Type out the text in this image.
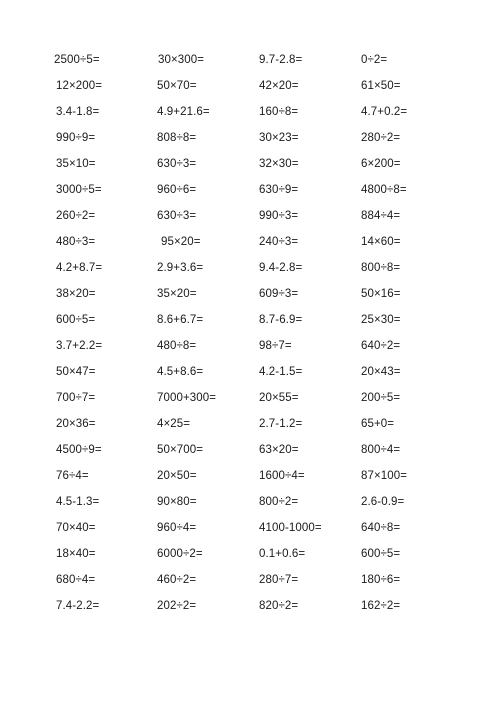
2500÷5=	30×300=	9.7-2.8=	0÷2=
12×200=	50×70=	42×20=	61×50=
3.4-1.8=	4.9+21.6=	160÷8=	4.7+0.2=
990÷9=	808÷8=	30×23=	280÷2=
35×10=	630÷3=	32×30=	6×200=
3000÷5=	960÷6=	630÷9=	4800÷8=
260÷2=	630÷3=	990÷3=	884÷4=
480÷3=	95×20=	240÷3=	14×60=
4.2+8.7=	2.9+3.6=	9.4-2.8=	800÷8=
38×20=	35×20=	609÷3=	50×16=
600÷5=	8.6+6.7=	8.7-6.9=	25×30=
3.7+2.2=	480÷8=	98÷7=	640÷2=
50×47=	4.5+8.6=	4.2-1.5=	20×43=
700÷7=	7000+300=	20×55=	200÷5=
20×36=	4×25=	2.7-1.2=	65+0=
4500÷9=	50×700=	63×20=	800÷4=
76÷4=	20×50=	1600÷4=	87×100=
4.5-1.3=	90×80=	800÷2=	2.6-0.9=
70×40=	960÷4=	4100-1000=	640÷8=
18×40=	6000÷2=	0.1+0.6=	600÷5=
680÷4=	460÷2=	280÷7=	180÷6=
7.4-2.2=	202÷2=	820÷2=	162÷2=
